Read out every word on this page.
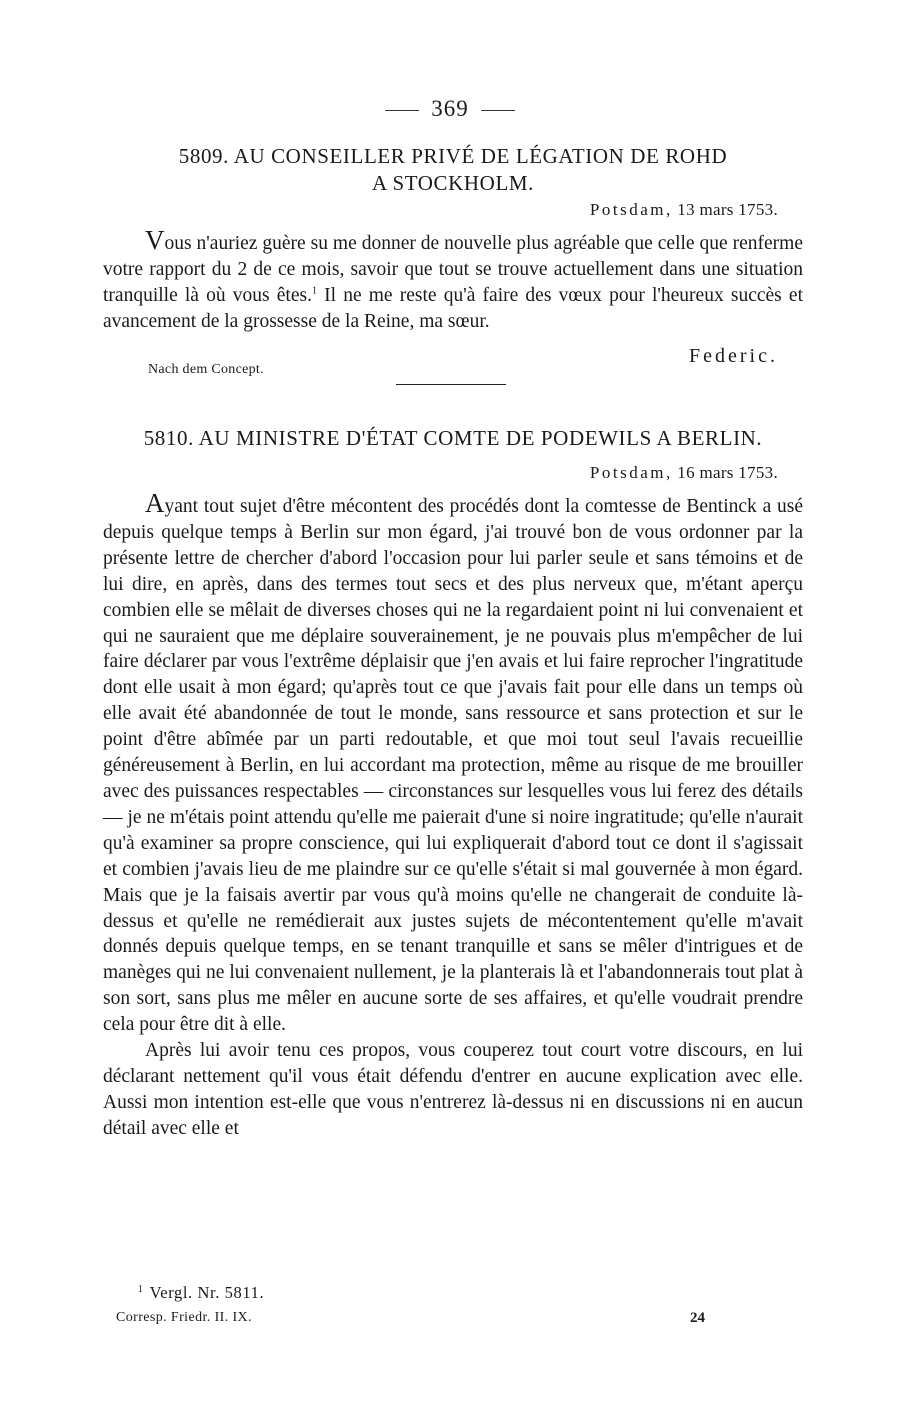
369
5809. AU CONSEILLER PRIVÉ DE LÉGATION DE ROHD
A STOCKHOLM.
Potsdam, 13 mars 1753.

Vous n'auriez guère su me donner de nouvelle plus agréable que celle que renferme votre rapport du 2 de ce mois, savoir que tout se trouve actuellement dans une situation tranquille là où vous êtes.$^1$ Il ne me reste qu'à faire des vœux pour l'heureux succès et avancement de la grossesse de la Reine, ma sœur.

Federic.
Nach dem Concept.
5810. AU MINISTRE D'ÉTAT COMTE DE PODEWILS A BERLIN.
Potsdam, 16 mars 1753.

Ayant tout sujet d'être mécontent des procédés dont la comtesse de Bentinck a usé depuis quelque temps à Berlin sur mon égard, j'ai trouvé bon de vous ordonner par la présente lettre de chercher d'abord l'occasion pour lui parler seule et sans témoins et de lui dire, en après, dans des termes tout secs et des plus nerveux que, m'étant aperçu combien elle se mêlait de diverses choses qui ne la regardaient point ni lui convenaient et qui ne sauraient que me déplaire souverainement, je ne pouvais plus m'empêcher de lui faire déclarer par vous l'extrême déplaisir que j'en avais et lui faire reprocher l'ingratitude dont elle usait à mon égard; qu'après tout ce que j'avais fait pour elle dans un temps où elle avait été abandonnée de tout le monde, sans ressource et sans protection et sur le point d'être abîmée par un parti redoutable, et que moi tout seul l'avais recueillie généreusement à Berlin, en lui accordant ma protection, même au risque de me brouiller avec des puissances respectables — circonstances sur lesquelles vous lui ferez des détails — je ne m'étais point attendu qu'elle me paierait d'une si noire ingratitude; qu'elle n'aurait qu'à examiner sa propre conscience, qui lui expliquerait d'abord tout ce dont il s'agissait et combien j'avais lieu de me plaindre sur ce qu'elle s'était si mal gouvernée à mon égard. Mais que je la faisais avertir par vous qu'à moins qu'elle ne changerait de conduite là-dessus et qu'elle ne remédierait aux justes sujets de mécontentement qu'elle m'avait donnés depuis quelque temps, en se tenant tranquille et sans se mêler d'intrigues et de manèges qui ne lui convenaient nullement, je la planterais là et l'abandonnerais tout plat à son sort, sans plus me mêler en aucune sorte de ses affaires, et qu'elle voudrait prendre cela pour être dit à elle.

Après lui avoir tenu ces propos, vous couperez tout court votre discours, en lui déclarant nettement qu'il vous était défendu d'entrer en aucune explication avec elle. Aussi mon intention est-elle que vous n'entrerez là-dessus ni en discussions ni en aucun détail avec elle et

$^1$ Vergl. Nr. 5811.
Corresp. Friedr. II. IX.	24
